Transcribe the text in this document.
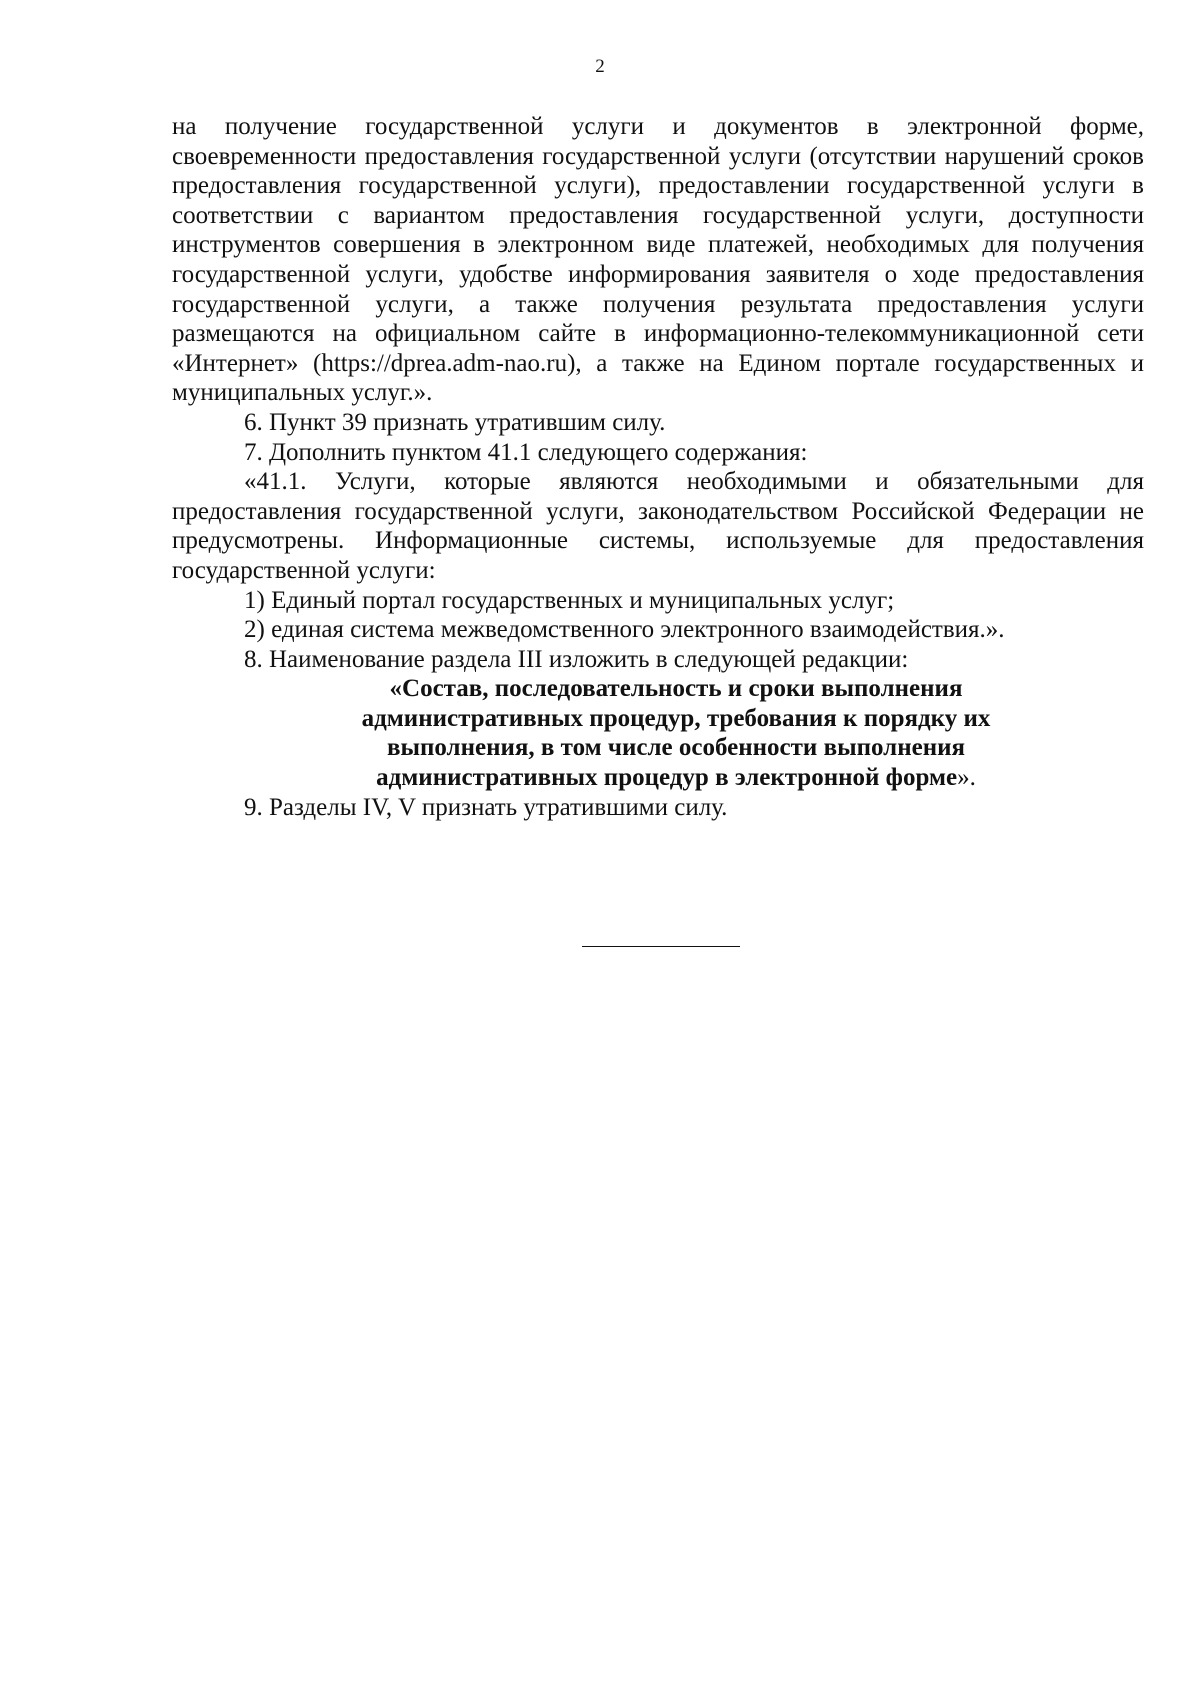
2

на получение государственной услуги и документов в электронной форме, своевременности предоставления государственной услуги (отсутствии нарушений сроков предоставления государственной услуги), предоставлении государственной услуги в соответствии с вариантом предоставления государственной услуги, доступности инструментов совершения в электронном виде платежей, необходимых для получения государственной услуги, удобстве информирования заявителя о ходе предоставления государственной услуги, а также получения результата предоставления услуги размещаются на официальном сайте в информационно-телекоммуникационной сети «Интернет» (https://dprea.adm-nao.ru), а также на Едином портале государственных и муниципальных услуг.».

6. Пункт 39 признать утратившим силу.

7. Дополнить пунктом 41.1 следующего содержания:

«41.1. Услуги, которые являются необходимыми и обязательными для предоставления государственной услуги, законодательством Российской Федерации не предусмотрены. Информационные системы, используемые для предоставления государственной услуги:

1) Единый портал государственных и муниципальных услуг;

2) единая система межведомственного электронного взаимодействия.».

8. Наименование раздела III изложить в следующей редакции:

«Состав, последовательность и сроки выполнения
административных процедур, требования к порядку их
выполнения, в том числе особенности выполнения
административных процедур в электронной форме».

9. Разделы IV, V признать утратившими силу.
